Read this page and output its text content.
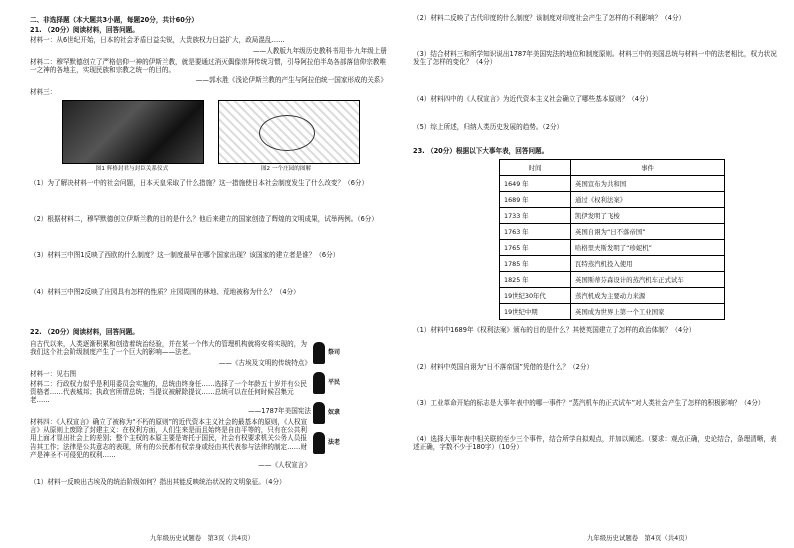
二、非选择题（本大题共3小题，每题20分，共计60分）
21. （20分）阅读材料，回答问题。
材料一：从6世纪开始，日本的社会矛盾日益尖锐，大贵族权力日益扩大，政局混乱……
——人教版九年级历史教科书用书·九年级上册
材料二：穆罕默德创立了严格信仰一神的伊斯兰教，就是要通过消灭偶像崇拜传统习惯，引导阿拉伯半岛各部落信仰宗教唯一之神的各地主，实现民族和宗教之统一的目的。
——郭水胜《浅论伊斯兰教的产生与阿拉伯统一国家形成的关系》
材料三：
图1 辉格封君与封臣关系仪式	图2 一个庄园的图解
（1）为了解决材料一中的社会问题，日本天皇采取了什么措施？这一措施使日本社会制度发生了什么改变？（6分）
（2）根据材料二，穆罕默德创立伊斯兰教的目的是什么？他后来建立的国家创造了辉煌的文明成果，试举两例。（6分）
（3）材料三中图1反映了西欧的什么制度？这一制度最早在哪个国家出现？该国家的建立者是谁？（6分）
（4）材料三中图2反映了庄园具有怎样的性质？庄园周围的林地、荒地被称为什么？（4分）
22. （20分）阅读材料，回答问题。
自古代以来，人类逐渐积累和创造着统治经验，并在某一个伟大的管理机构就将安将实现的，为我们这个社会阶级制度产生了一个巨大的影响——法老。
——《古埃及文明的传统特点》
材料一：见右图
材料二：行政权力似乎是利用委员会实施的，总统由终身任……选择了一个年龄五十岁并有公民资格者……代表城邦；执政官所谓总统；当提议被解除提议……总统可以在任何时候召集元老……
——1787年美国宪法
材料四：《人权宣言》确立了被称为“不朽的原则”的近代资本主义社会的最基本的原则，《人权宣言》从原则上废除了封建主义：在权利方面，人们生来是而且始终是自由平等的，只有在公共利用上面才显出社会上的差别；整个主权的本原主要是寄托于国民，社会有权要求机关公务人员报告其工作；法律是公共意志的表现，所有的公民都有权亲身或经由其代表参与法律的制定……财产是神圣不可侵犯的权利……
——《人权宣言》
祭司
平民
奴隶
法老
（1）材料一反映出古埃及的统治阶级如何？指出其能反映统治状况的文明象征。（4分）
九年级历史试题卷　第3页（共4页）
（2）材料二反映了古代印度的什么制度？该制度对印度社会产生了怎样的不利影响？（4分）
（3）结合材料三和所学知识说出1787年美国宪法的地位和制度原则。材料三中的美国总统与材料一中的法老相比，权力状况发生了怎样的变化？（4分）
（4）材料四中的《人权宣言》为近代资本主义社会确立了哪些基本原则？（4分）
（5）综上所述，归纳人类历史发展的趋势。（2分）
23. （20分）根据以下大事年表，回答问题。
时间	事件
1649 年	英国宣布为共和国
1689 年	通过《权利法案》
1733 年	凯伊发明了飞梭
1763 年	英国自诩为“日不落帝国”
1765 年	哈格里夫斯发明了“珍妮机”
1785 年	瓦特蒸汽机投入使用
1825 年	英国斯蒂芬森设计的蒸汽机车正式试车
19世纪30年代	蒸汽机成为主要动力来源
19世纪中期	英国成为世界上第一个工业国家
（1）材料中1689年《权利法案》颁布的目的是什么？其使英国建立了怎样的政治体制？（4分）
（2）材料中英国自诩为“日不落帝国”凭借的是什么？（2分）
（3）工业革命开始的标志是大事年表中的哪一事件？“蒸汽机车的正式试车”对人类社会产生了怎样的积极影响？（4分）
（4）选择大事年表中相关联的至少三个事件，结合所学自拟观点，并加以阐述。（要求：观点正确，史论结合，条理清晰，表述正确，字数不少于180字）（10分）
九年级历史试题卷　第4页（共4页）
